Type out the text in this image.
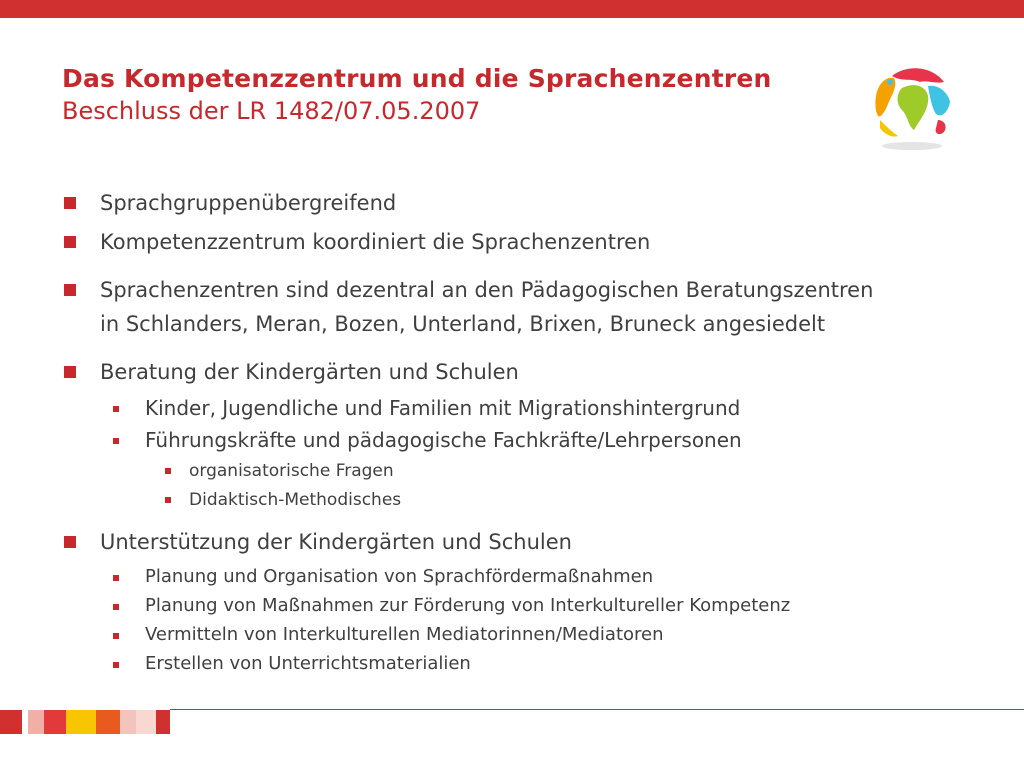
Das Kompetenzzentrum und die Sprachenzentren
Beschluss der LR 1482/07.05.2007
Sprachgruppenübergreifend
Kompetenzzentrum koordiniert die Sprachenzentren
Sprachenzentren sind dezentral an den Pädagogischen Beratungszentren
in Schlanders, Meran, Bozen, Unterland, Brixen, Bruneck angesiedelt
Beratung der Kindergärten und Schulen
Kinder, Jugendliche und Familien mit Migrationshintergrund
Führungskräfte und pädagogische Fachkräfte/Lehrpersonen
organisatorische Fragen
Didaktisch-Methodisches
Unterstützung der Kindergärten und Schulen
Planung und Organisation von Sprachfördermaßnahmen
Planung von Maßnahmen zur Förderung von Interkultureller Kompetenz
Vermitteln von Interkulturellen Mediatorinnen/Mediatoren
Erstellen von Unterrichtsmaterialien
